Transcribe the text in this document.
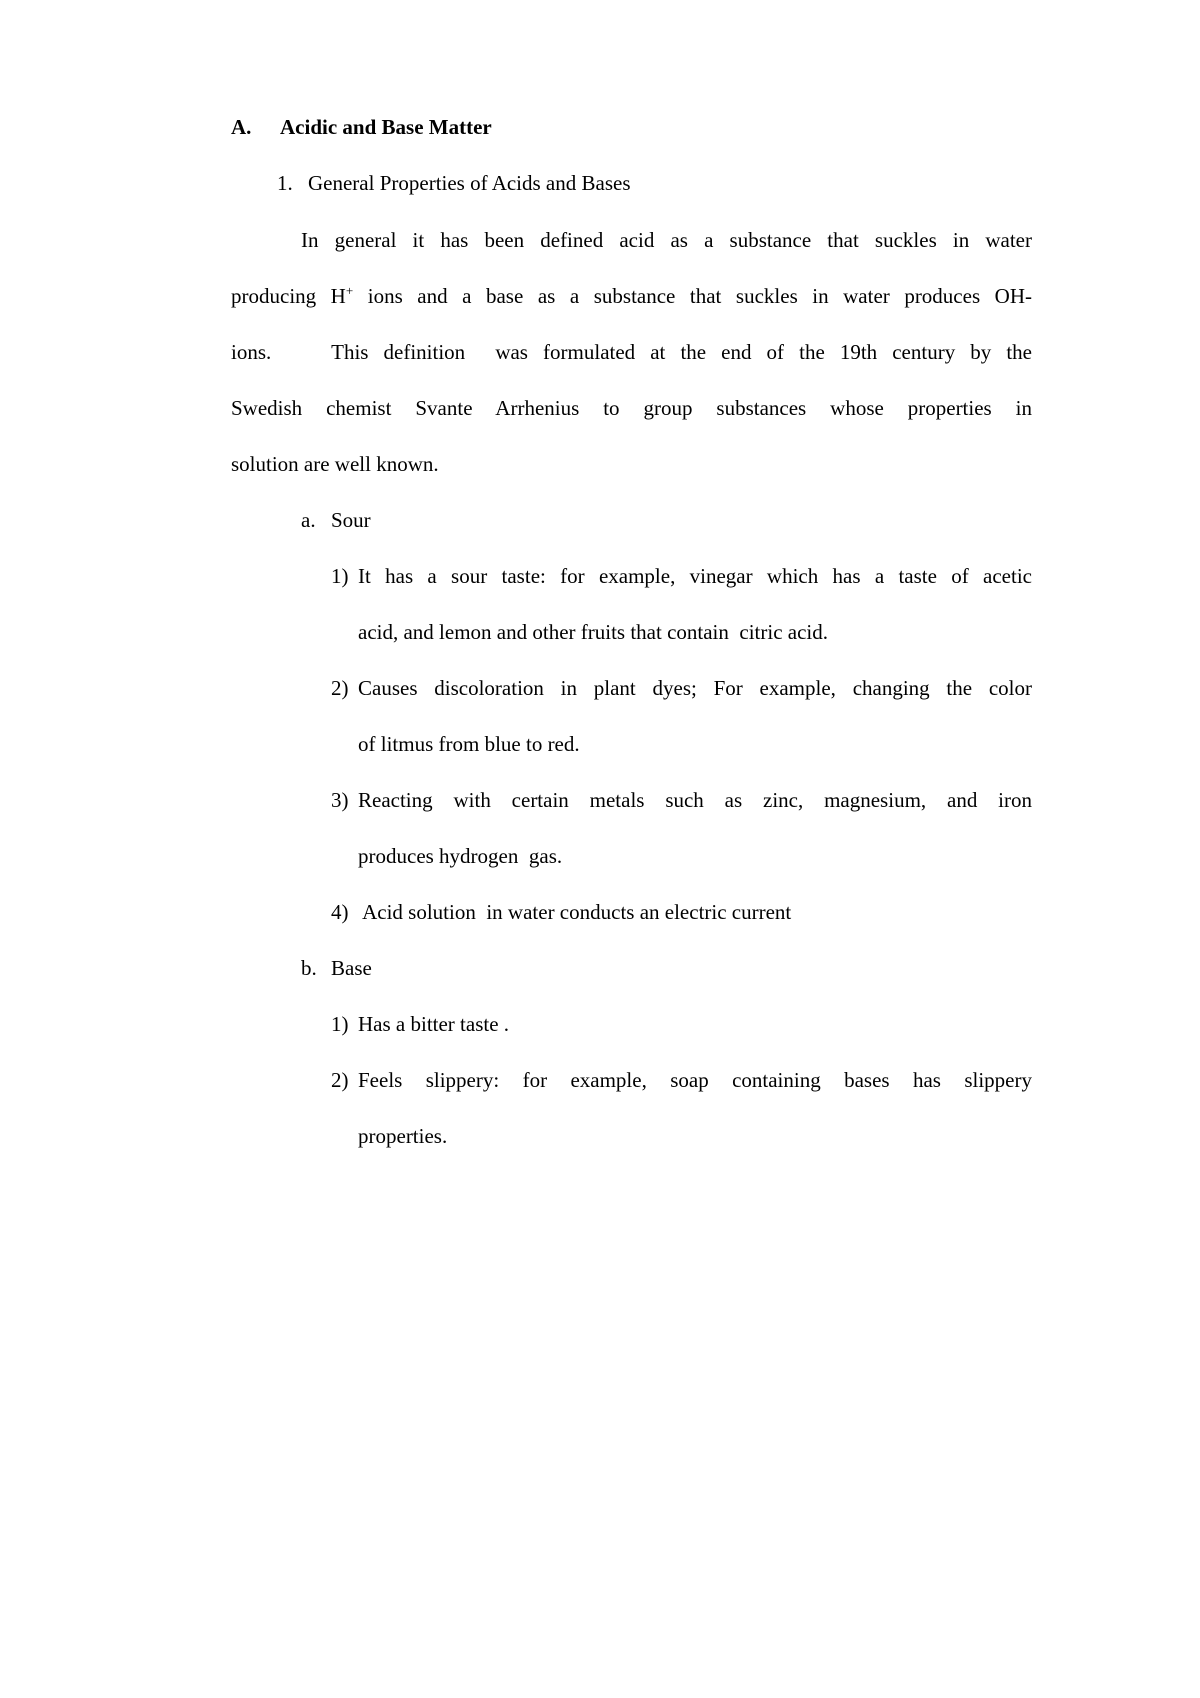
A. Acidic and Base Matter
1. General Properties of Acids and Bases
In general it has been defined acid as a substance that suckles in water
producing H+ ions and a base as a substance that suckles in water produces OH-
ions.    This definition  was formulated at the end of the 19th century by the
Swedish chemist Svante Arrhenius to group substances whose properties in
solution are well known.
a. Sour
1) It has a sour taste: for example, vinegar which has a taste of acetic
acid, and lemon and other fruits that contain  citric acid.
2) Causes discoloration in plant dyes; For example, changing the color
of litmus from blue to red.
3) Reacting with certain metals such as zinc, magnesium, and iron
produces hydrogen  gas.
4) Acid solution  in water conducts an electric current
b. Base
1) Has a bitter taste .
2) Feels slippery: for example, soap containing bases has slippery
properties.
